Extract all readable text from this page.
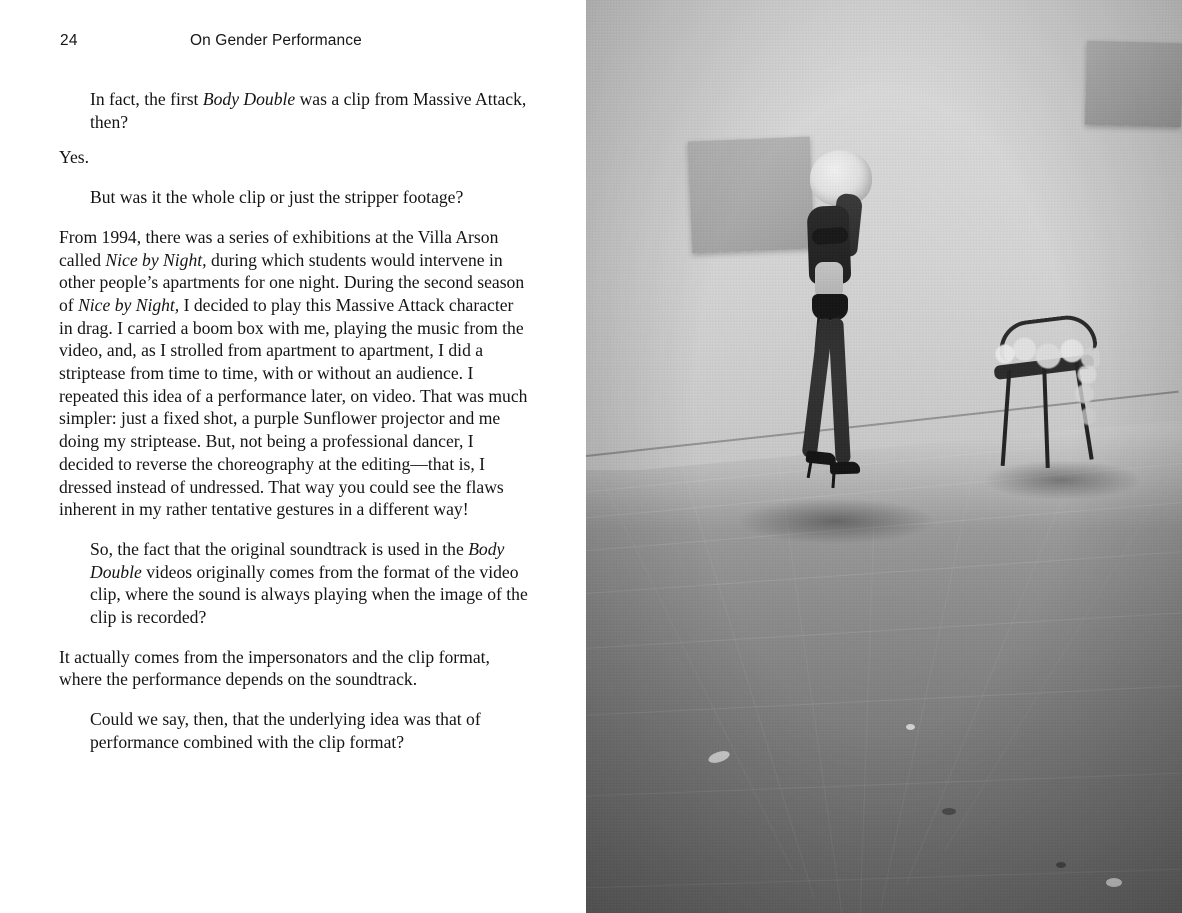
24	On Gender Performance

In fact, the first Body Double was a clip from Massive Attack, then?

Yes.

But was it the whole clip or just the stripper footage?

From 1994, there was a series of exhibitions at the Villa Arson called Nice by Night, during which students would intervene in other people’s apartments for one night. During the second season of Nice by Night, I decided to play this Massive Attack character in drag. I carried a boom box with me, playing the music from the video, and, as I strolled from apartment to apartment, I did a striptease from time to time, with or without an audience. I repeated this idea of a performance later, on video. That was much simpler: just a fixed shot, a purple Sunflower projector and me doing my striptease. But, not being a professional dancer, I decided to reverse the choreography at the editing—that is, I dressed instead of undressed. That way you could see the flaws inherent in my rather tentative gestures in a different way!

So, the fact that the original soundtrack is used in the Body Double videos originally comes from the format of the video clip, where the sound is always playing when the image of the clip is recorded?

It actually comes from the impersonators and the clip format, where the performance depends on the soundtrack.

Could we say, then, that the underlying idea was that of performance combined with the clip format?
